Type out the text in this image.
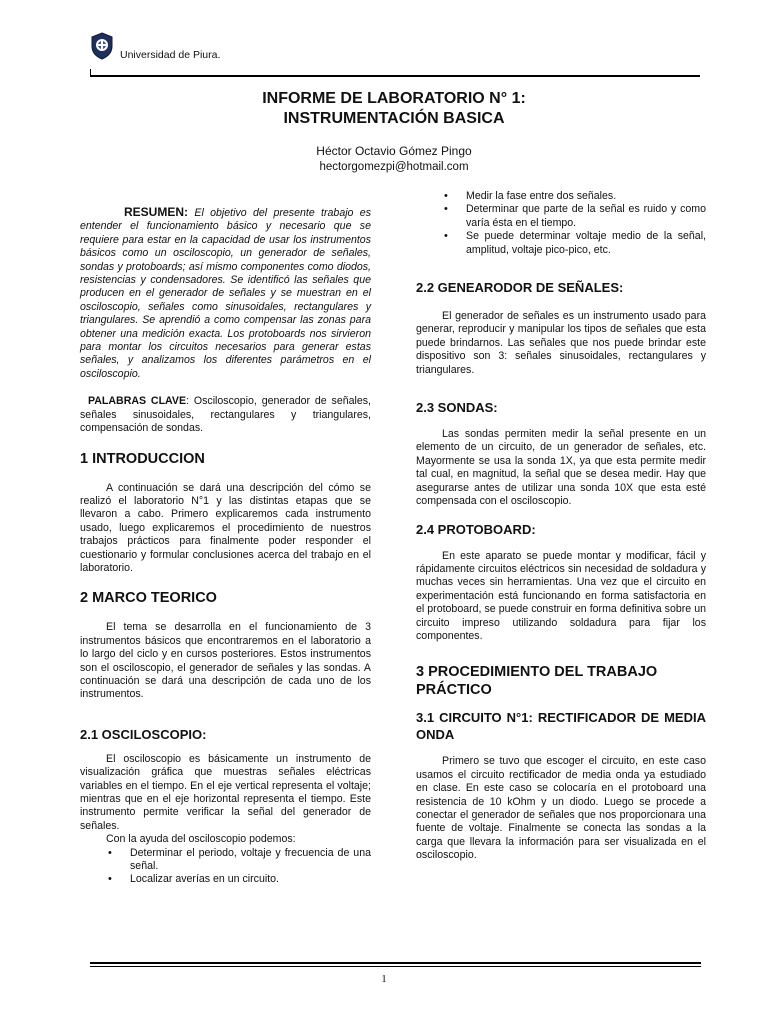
Universidad de Piura.
INFORME DE LABORATORIO N° 1:
INSTRUMENTACIÓN BASICA
Héctor Octavio Gómez Pingo
hectorgomezpi@hotmail.com

RESUMEN: El objetivo del presente trabajo es entender el funcionamiento básico y necesario que se requiere para estar en la capacidad de usar los instrumentos básicos como un osciloscopio, un generador de señales, sondas y protoboards; así mismo componentes como diodos, resistencias y condensadores. Se identificó las señales que producen en el generador de señales y se muestran en el osciloscopio, señales como sinusoidales, rectangulares y triangulares. Se aprendió a como compensar las zonas para obtener una medición exacta. Los protoboards nos sirvieron para montar los circuitos necesarios para generar estas señales, y analizamos los diferentes parámetros en el osciloscopio.

PALABRAS CLAVE: Osciloscopio, generador de señales, señales sinusoidales, rectangulares y triangulares, compensación de sondas.

1 INTRODUCCION

A continuación se dará una descripción del cómo se realizó el laboratorio N°1 y las distintas etapas que se llevaron a cabo. Primero explicaremos cada instrumento usado, luego explicaremos el procedimiento de nuestros trabajos prácticos para finalmente poder responder el cuestionario y formular conclusiones acerca del trabajo en el laboratorio.

2 MARCO TEORICO

El tema se desarrolla en el funcionamiento de 3 instrumentos básicos que encontraremos en el laboratorio a lo largo del ciclo y en cursos posteriores. Estos instrumentos son el osciloscopio, el generador de señales y las sondas. A continuación se dará una descripción de cada uno de los instrumentos.

2.1 OSCILOSCOPIO:

El osciloscopio es básicamente un instrumento de visualización gráfica que muestras señales eléctricas variables en el tiempo. En el eje vertical representa el voltaje; mientras que en el eje horizontal representa el tiempo. Este instrumento permite verificar la señal del generador de señales.

Con la ayuda del osciloscopio podemos:

• Determinar el periodo, voltaje y frecuencia de una señal.
• Localizar averías en un circuito.
• Medir la fase entre dos señales.
• Determinar que parte de la señal es ruido y como varía ésta en el tiempo.
• Se puede determinar voltaje medio de la señal, amplitud, voltaje pico-pico, etc.
2.2 GENEARODOR DE SEÑALES:

El generador de señales es un instrumento usado para generar, reproducir y manipular los tipos de señales que esta puede brindarnos. Las señales que nos puede brindar este dispositivo son 3: señales sinusoidales, rectangulares y triangulares.

2.3 SONDAS:

Las sondas permiten medir la señal presente en un elemento de un circuito, de un generador de señales, etc. Mayormente se usa la sonda 1X, ya que esta permite medir tal cual, en magnitud, la señal que se desea medir. Hay que asegurarse antes de utilizar una sonda 10X que esta esté compensada con el osciloscopio.

2.4 PROTOBOARD:

En este aparato se puede montar y modificar, fácil y rápidamente circuitos eléctricos sin necesidad de soldadura y muchas veces sin herramientas. Una vez que el circuito en experimentación está funcionando en forma satisfactoria en el protoboard, se puede construir en forma definitiva sobre un circuito impreso utilizando soldadura para fijar los componentes.

3 PROCEDIMIENTO DEL TRABAJO PRÁCTICO
3.1 CIRCUITO N°1: RECTIFICADOR DE MEDIA ONDA

Primero se tuvo que escoger el circuito, en este caso usamos el circuito rectificador de media onda ya estudiado en clase. En este caso se colocaría en el protoboard una resistencia de 10 kOhm y un diodo. Luego se procede a conectar el generador de señales que nos proporcionara una fuente de voltaje. Finalmente se conecta las sondas a la carga que llevara la información para ser visualizada en el osciloscopio.

1
